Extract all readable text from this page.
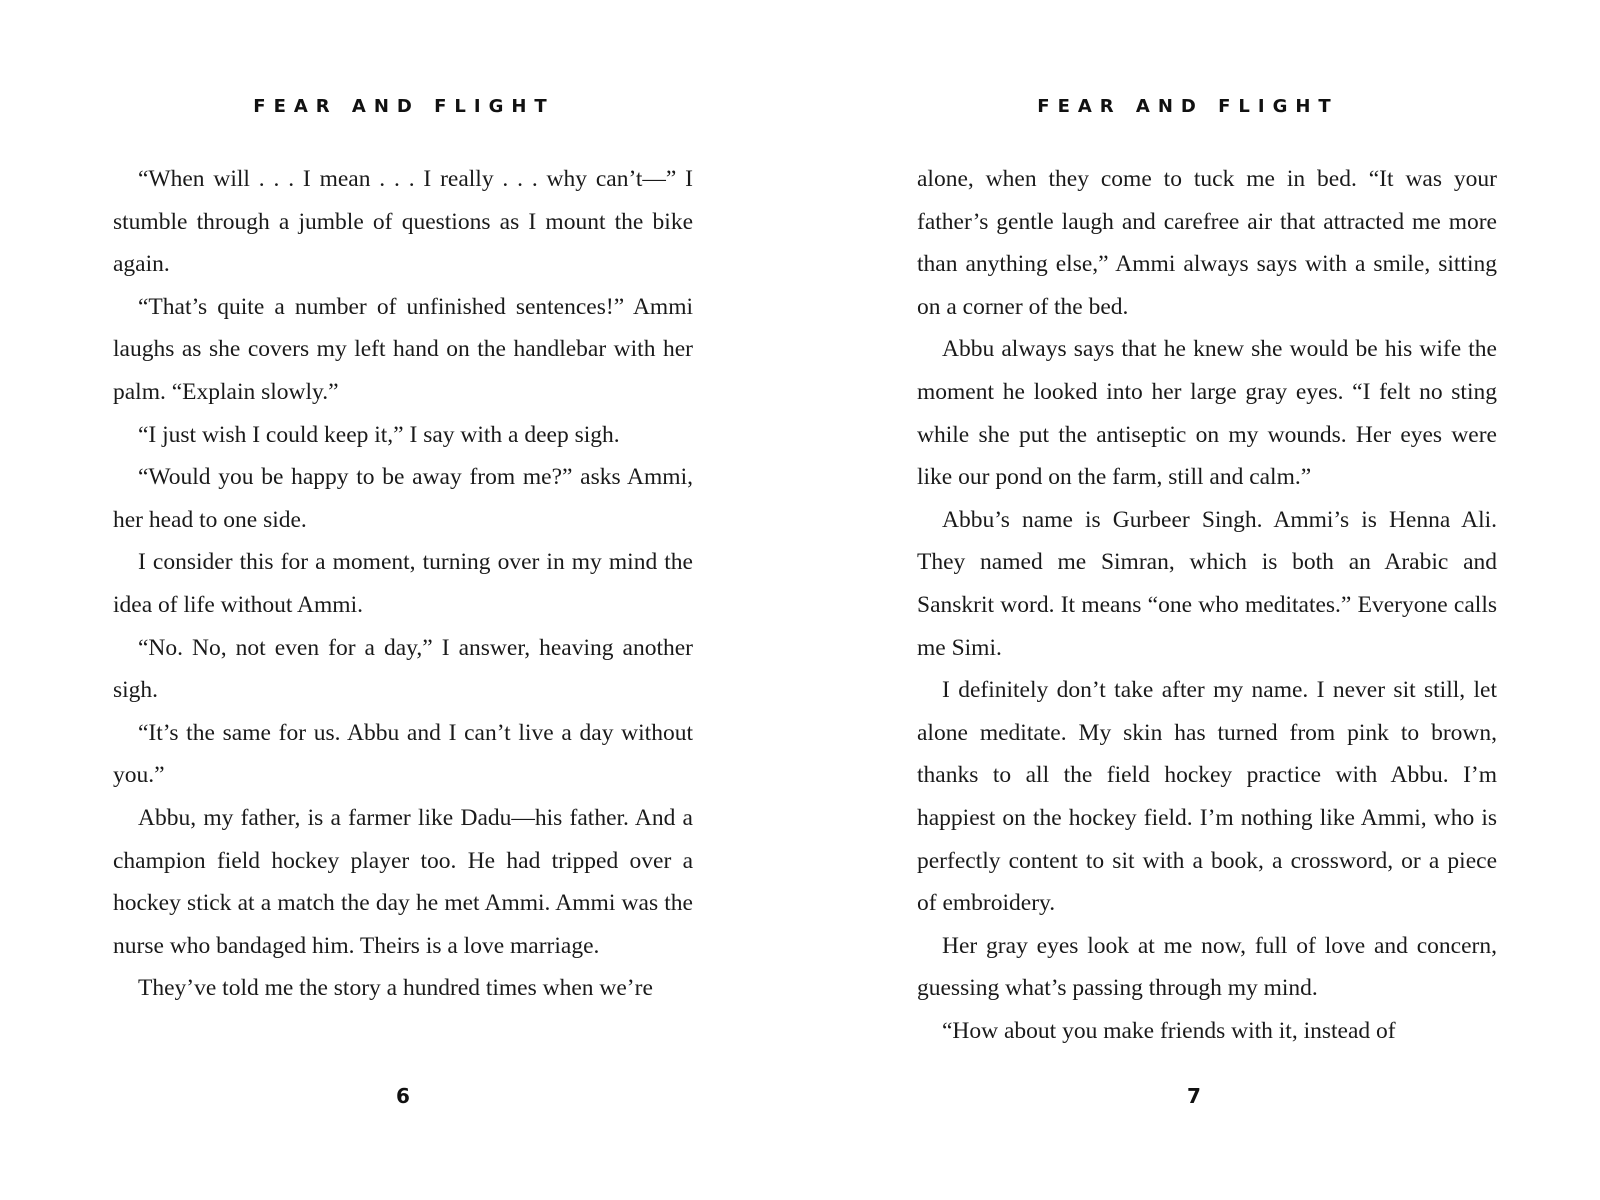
FEAR AND FLIGHT

“When will . . . I mean . . . I really . . . why can’t—” I stumble through a jumble of questions as I mount the bike again.

“That’s quite a number of unfinished sentences!” Ammi laughs as she covers my left hand on the handlebar with her palm. “Explain slowly.”

“I just wish I could keep it,” I say with a deep sigh.

“Would you be happy to be away from me?” asks Ammi, her head to one side.

I consider this for a moment, turning over in my mind the idea of life without Ammi.

“No. No, not even for a day,” I answer, heaving another sigh.

“It’s the same for us. Abbu and I can’t live a day without you.”

Abbu, my father, is a farmer like Dadu—his father. And a champion field hockey player too. He had tripped over a hockey stick at a match the day he met Ammi. Ammi was the nurse who bandaged him. Theirs is a love marriage.

They’ve told me the story a hundred times when we’re

6
FEAR AND FLIGHT

alone, when they come to tuck me in bed. “It was your father’s gentle laugh and carefree air that attracted me more than anything else,” Ammi always says with a smile, sitting on a corner of the bed.

Abbu always says that he knew she would be his wife the moment he looked into her large gray eyes. “I felt no sting while she put the antiseptic on my wounds. Her eyes were like our pond on the farm, still and calm.”

Abbu’s name is Gurbeer Singh. Ammi’s is Henna Ali. They named me Simran, which is both an Arabic and Sanskrit word. It means “one who meditates.” Everyone calls me Simi.

I definitely don’t take after my name. I never sit still, let alone meditate. My skin has turned from pink to brown, thanks to all the field hockey practice with Abbu. I’m happiest on the hockey field. I’m nothing like Ammi, who is perfectly content to sit with a book, a crossword, or a piece of embroidery.

Her gray eyes look at me now, full of love and concern, guessing what’s passing through my mind.

“How about you make friends with it, instead of

7
